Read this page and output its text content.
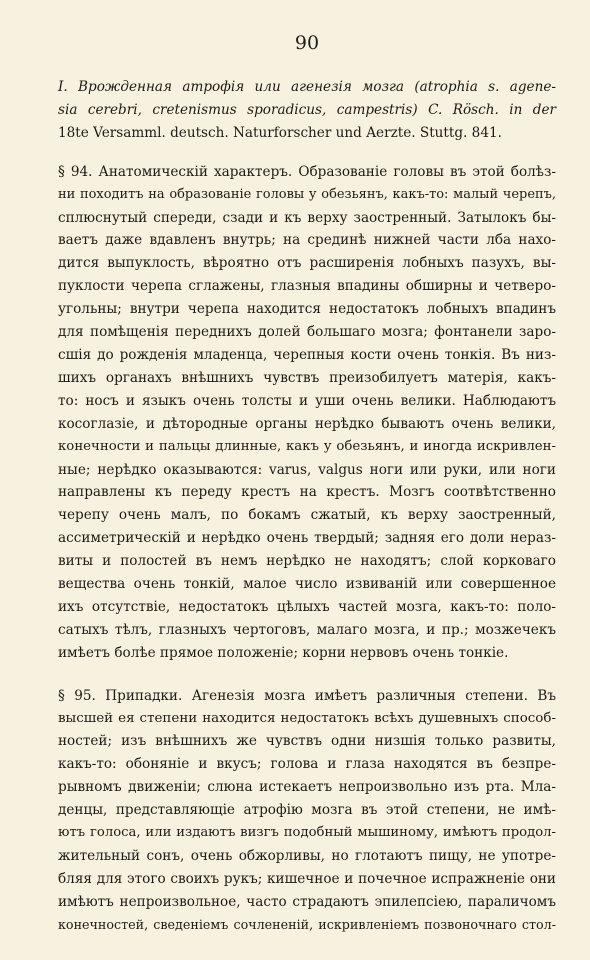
90
I. Врожденная атрофія или агенезія мозга (atrophia s. agene-
sia cerebri, cretenismus sporadicus, campestris) C. Rösch. in der
18te Versamml. deutsch. Naturforscher und Aerzte. Stuttg. 841.
§ 94. Анатомическій характеръ. Образованіе головы въ этой болѣз-
ни походитъ на образованіе головы у обезьянъ, какъ-то: малый черепъ,
сплюснутый спереди, сзади и къ верху заостренный. Затылокъ бы-
ваетъ даже вдавленъ внутрь; на срединѣ нижней части лба нахо-
дится выпуклость, вѣроятно отъ расширенія лобныхъ пазухъ, вы-
пуклости черепа сглажены, глазныя впадины обширны и четверо-
угольны; внутри черепа находится недостатокъ лобныхъ впадинъ
для помѣщенія переднихъ долей большаго мозга; фонтанели заро-
сшія до рожденія младенца, черепныя кости очень тонкія. Въ низ-
шихъ органахъ внѣшнихъ чувствъ преизобилуетъ матерія, какъ-
то: носъ и языкъ очень толсты и уши очень велики. Наблюдаютъ
косоглазіе, и дѣтородные органы нерѣдко бываютъ очень велики,
конечности и пальцы длинные, какъ у обезьянъ, и иногда искривлен-
ные; нерѣдко оказываются: varus, valgus ноги или руки, или ноги
направлены къ переду крестъ на крестъ. Мозгъ соотвѣтственно
черепу очень малъ, по бокамъ сжатый, къ верху заостренный,
ассиметрическій и нерѣдко очень твердый; задняя его доли нераз-
виты и полостей въ немъ нерѣдко не находятъ; слой корковаго
вещества очень тонкій, малое число извиванiй или совершенное
ихъ отсутствіе, недостатокъ цѣлыхъ частей мозга, какъ-то: поло-
сатыхъ тѣлъ, глазныхъ чертоговъ, малаго мозга, и пр.; мозжечекъ
имѣетъ болѣе прямое положеніе; корни нервовъ очень тонкіе.
§ 95. Припадки. Агенезія мозга имѣетъ различныя степени. Въ
высшей ея степени находится недостатокъ всѣхъ душевныхъ способ-
ностей; изъ внѣшнихъ же чувствъ одни низшія только развиты,
какъ-то: обоняніе и вкусъ; голова и глаза находятся въ безпре-
рывномъ движеніи; слюна истекаетъ непроизвольно изъ рта. Мла-
денцы, представляющіе атрофію мозга въ этой степени, не имѣ-
ютъ голоса, или издаютъ визгъ подобный мышиному, имѣютъ продол-
жительный сонъ, очень обжорливы, но глотаютъ пищу, не употре-
бляя для этого своихъ рукъ; кишечное и почечное испражненіе они
имѣютъ непроизвольное, часто страдаютъ эпилепсіею, параличомъ
конечностей, сведеніемъ сочлененій, искривленіемъ позвоночнаго стол-
